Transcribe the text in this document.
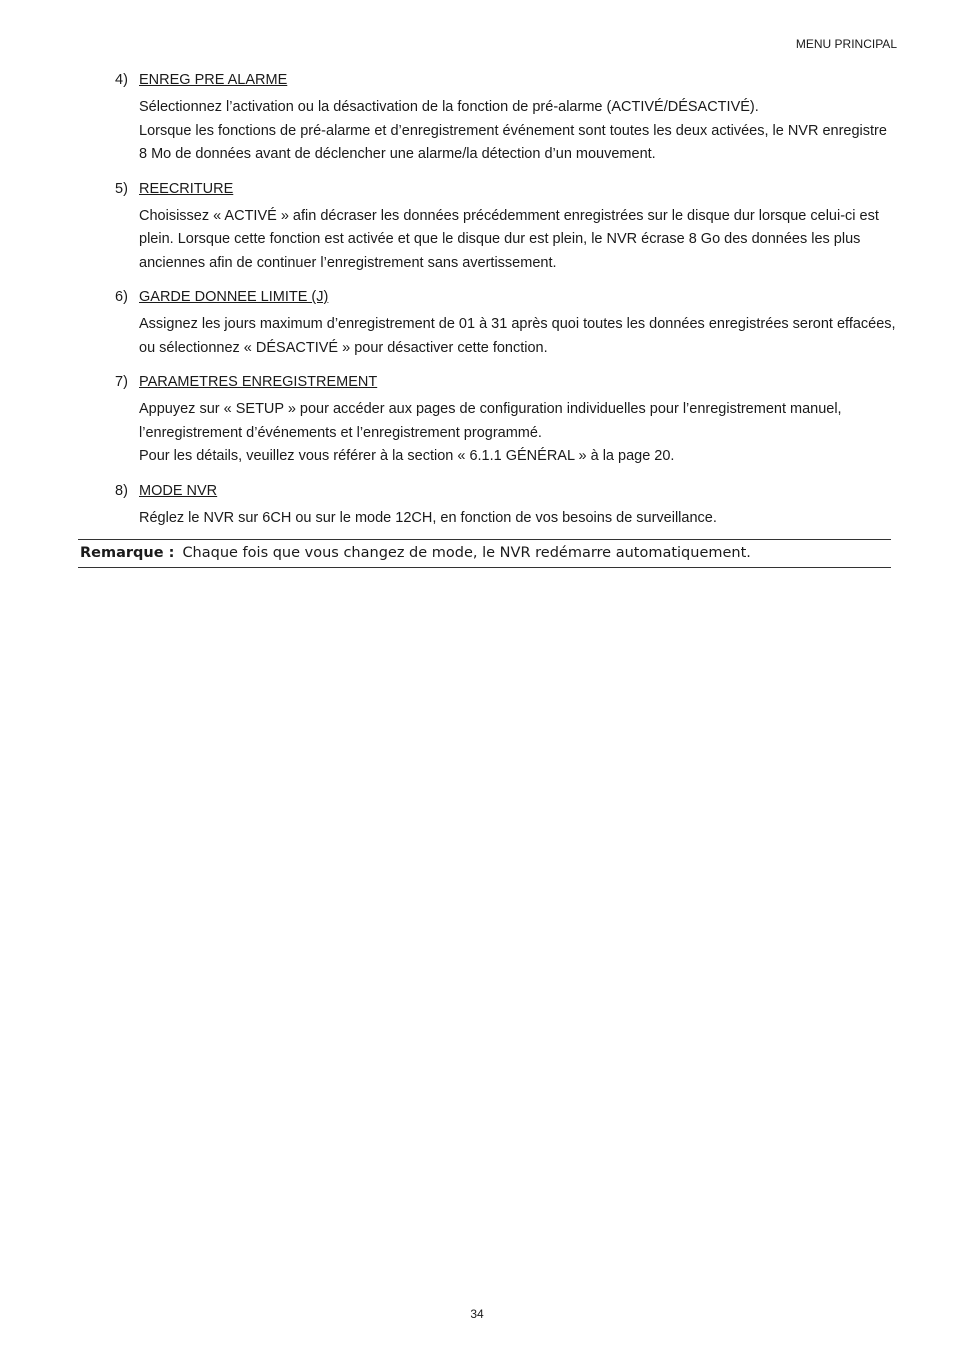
MENU PRINCIPAL
4) ENREG PRE ALARME

Sélectionnez l’activation ou la désactivation de la fonction de pré-alarme (ACTIVÉ/DÉSACTIVÉ).

Lorsque les fonctions de pré-alarme et d’enregistrement événement sont toutes les deux activées, le NVR enregistre 8 Mo de données avant de déclencher une alarme/la détection d’un mouvement.

5) REECRITURE

Choisissez « ACTIVÉ » afin décraser les données précédemment enregistrées sur le disque dur lorsque celui-ci est plein. Lorsque cette fonction est activée et que le disque dur est plein, le NVR écrase 8 Go des données les plus anciennes afin de continuer l’enregistrement sans avertissement.

6) GARDE DONNEE LIMITE (J)

Assignez les jours maximum d’enregistrement de 01 à 31 après quoi toutes les données enregistrées seront effacées, ou sélectionnez « DÉSACTIVÉ » pour désactiver cette fonction.

7) PARAMETRES ENREGISTREMENT

Appuyez sur « SETUP » pour accéder aux pages de configuration individuelles pour l’enregistrement manuel, l’enregistrement d’événements et l’enregistrement programmé.

Pour les détails, veuillez vous référer à la section « 6.1.1 GÉNÉRAL » à la page 20.

8) MODE NVR

Réglez le NVR sur 6CH ou sur le mode 12CH, en fonction de vos besoins de surveillance.

Remarque : Chaque fois que vous changez de mode, le NVR redémarre automatiquement.
34
